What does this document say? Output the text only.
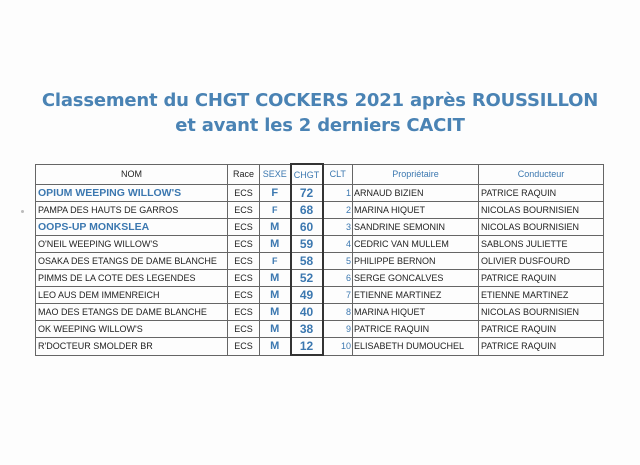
Classement du CHGT COCKERS 2021 après ROUSSILLON
et avant les 2 derniers CACIT
NOM	Race	SEXE	CHGT	CLT	Propriétaire	Conducteur
OPIUM WEEPING WILLOW'S	ECS	F	72	1	ARNAUD BIZIEN	PATRICE RAQUIN
PAMPA DES HAUTS DE GARROS	ECS	F	68	2	MARINA HIQUET	NICOLAS BOURNISIEN
OOPS-UP MONKSLEA	ECS	M	60	3	SANDRINE SEMONIN	NICOLAS BOURNISIEN
O'NEIL WEEPING WILLOW'S	ECS	M	59	4	CEDRIC VAN MULLEM	SABLONS JULIETTE
OSAKA DES ETANGS DE DAME BLANCHE	ECS	F	58	5	PHILIPPE BERNON	OLIVIER DUSFOURD
PIMMS DE LA COTE DES LEGENDES	ECS	M	52	6	SERGE GONCALVES	PATRICE RAQUIN
LEO AUS DEM IMMENREICH	ECS	M	49	7	ETIENNE MARTINEZ	ETIENNE MARTINEZ
MAO DES ETANGS DE DAME BLANCHE	ECS	M	40	8	MARINA HIQUET	NICOLAS BOURNISIEN
OK WEEPING WILLOW'S	ECS	M	38	9	PATRICE RAQUIN	PATRICE RAQUIN
R'DOCTEUR SMOLDER BR	ECS	M	12	10	ELISABETH DUMOUCHEL	PATRICE RAQUIN
